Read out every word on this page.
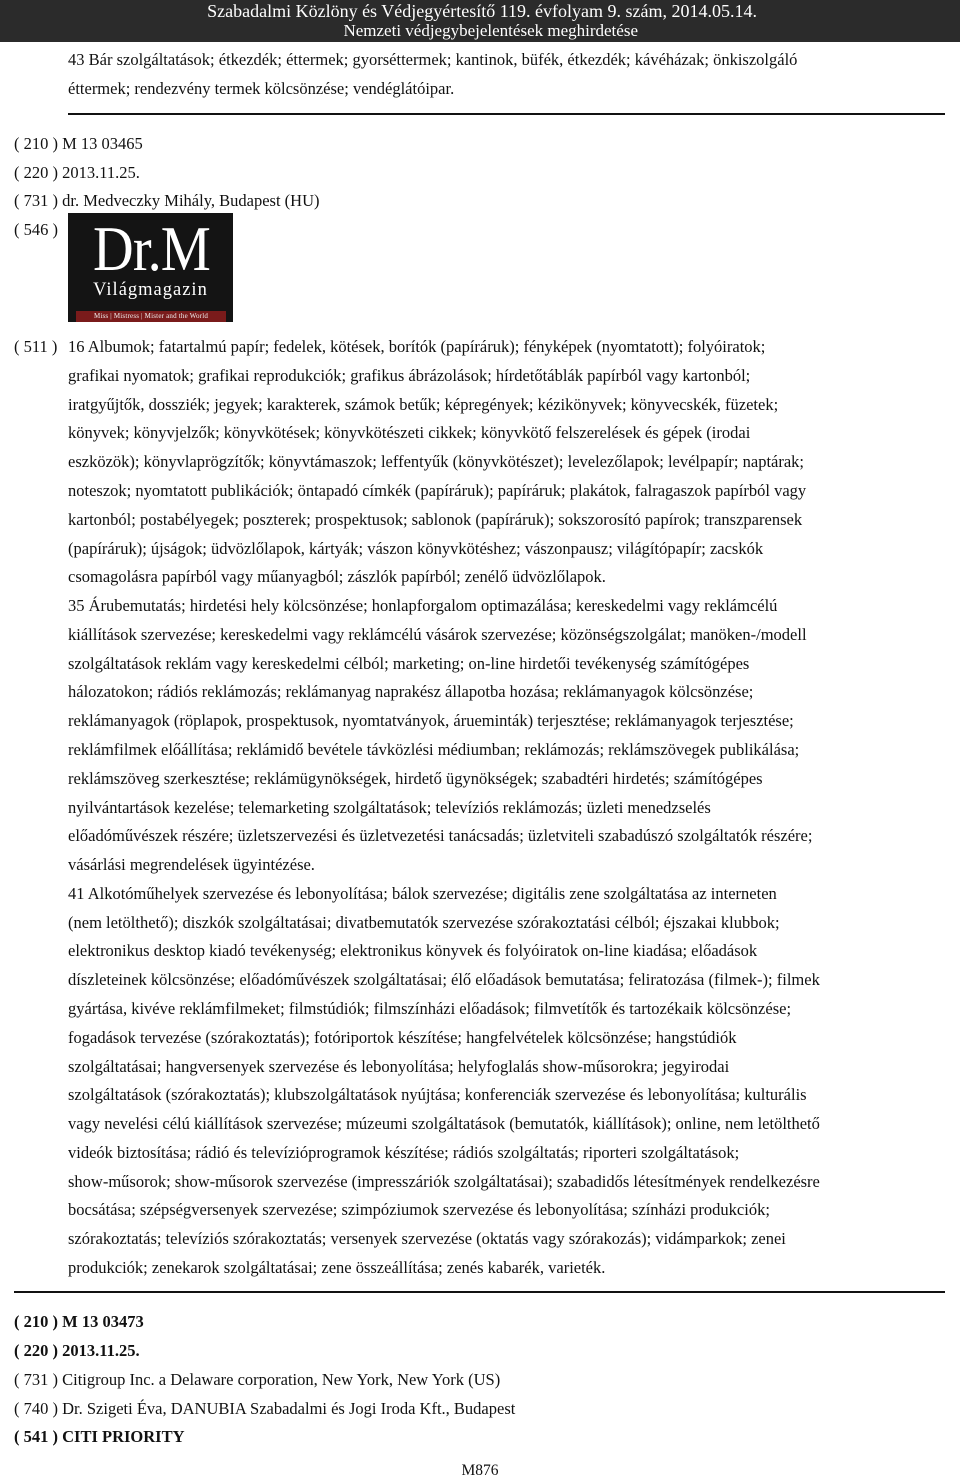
Szabadalmi Közlöny és Védjegyértesítő 119. évfolyam 9. szám, 2014.05.14.
Nemzeti védjegybejelentések meghirdetése
43 Bár szolgáltatások; étkezdék; éttermek; gyorséttermek; kantinok, büfék, étkezdék; kávéházak; önkiszolgáló
éttermek; rendezvény termek kölcsönzése; vendéglátóipar.
( 210 ) M 13 03465
( 220 ) 2013.11.25.
( 731 ) dr. Medveczky Mihály, Budapest (HU)
( 546 ) Dr.M
Világmagazin
Miss | Mistress | Mister and the World
( 511 ) 16 Albumok; fatartalmú papír; fedelek, kötések, borítók (papíráruk); fényképek (nyomtatott); folyóiratok;
grafikai nyomatok; grafikai reprodukciók; grafikus ábrázolások; hírdetőtáblák papírból vagy kartonból;
iratgyűjtők, dossziék; jegyek; karakterek, számok betűk; képregények; kézikönyvek; könyvecskék, füzetek;
könyvek; könyvjelzők; könyvkötések; könyvkötészeti cikkek; könyvkötő felszerelések és gépek (irodai
eszközök); könyvlaprögzítők; könyvtámaszok; leffentyűk (könyvkötészet); levelezőlapok; levélpapír; naptárak;
noteszok; nyomtatott publikációk; öntapadó címkék (papíráruk); papíráruk; plakátok, falragaszok papírból vagy
kartonból; postabélyegek; poszterek; prospektusok; sablonok (papíráruk); sokszorosító papírok; transzparensek
(papíráruk); újságok; üdvözlőlapok, kártyák; vászon könyvkötéshez; vászonpausz; világítópapír; zacskók
csomagolásra papírból vagy műanyagból; zászlók papírból; zenélő üdvözlőlapok.
35 Árubemutatás; hirdetési hely kölcsönzése; honlapforgalom optimazálása; kereskedelmi vagy reklámcélú
kiállítások szervezése; kereskedelmi vagy reklámcélú vásárok szervezése; közönségszolgálat; manöken-/modell
szolgáltatások reklám vagy kereskedelmi célból; marketing; on-line hirdetői tevékenység számítógépes
hálozatokon; rádiós reklámozás; reklámanyag naprakész állapotba hozása; reklámanyagok kölcsönzése;
reklámanyagok (röplapok, prospektusok, nyomtatványok, árueminták) terjesztése; reklámanyagok terjesztése;
reklámfilmek előállítása; reklámidő bevétele távközlési médiumban; reklámozás; reklámszövegek publikálása;
reklámszöveg szerkesztése; reklámügynökségek, hirdető ügynökségek; szabadtéri hirdetés; számítógépes
nyilvántartások kezelése; telemarketing szolgáltatások; televíziós reklámozás; üzleti menedzselés
előadóművészek részére; üzletszervezési és üzletvezetési tanácsadás; üzletviteli szabadúszó szolgáltatók részére;
vásárlási megrendelések ügyintézése.
41 Alkotóműhelyek szervezése és lebonyolítása; bálok szervezése; digitális zene szolgáltatása az interneten
(nem letölthető); diszkók szolgáltatásai; divatbemutatók szervezése szórakoztatási célból; éjszakai klubbok;
elektronikus desktop kiadó tevékenység; elektronikus könyvek és folyóiratok on-line kiadása; előadások
díszleteinek kölcsönzése; előadóművészek szolgáltatásai; élő előadások bemutatása; feliratozása (filmek-); filmek
gyártása, kivéve reklámfilmeket; filmstúdiók; filmszínházi előadások; filmvetítők és tartozékaik kölcsönzése;
fogadások tervezése (szórakoztatás); fotóriportok készítése; hangfelvételek kölcsönzése; hangstúdiók
szolgáltatásai; hangversenyek szervezése és lebonyolítása; helyfoglalás show-műsorokra; jegyirodai
szolgáltatások (szórakoztatás); klubszolgáltatások nyújtása; konferenciák szervezése és lebonyolítása; kulturális
vagy nevelési célú kiállítások szervezése; múzeumi szolgáltatások (bemutatók, kiállítások); online, nem letölthető
videók biztosítása; rádió és televízióprogramok készítése; rádiós szolgáltatás; riporteri szolgáltatások;
show-műsorok; show-műsorok szervezése (impresszáriók szolgáltatásai); szabadidős létesítmények rendelkezésre
bocsátása; szépségversenyek szervezése; szimpóziumok szervezése és lebonyolítása; színházi produkciók;
szórakoztatás; televíziós szórakoztatás; versenyek szervezése (oktatás vagy szórakozás); vidámparkok; zenei
produkciók; zenekarok szolgáltatásai; zene összeállítása; zenés kabarék, varieték.
( 210 ) M 13 03473
( 220 ) 2013.11.25.
( 731 ) Citigroup Inc. a Delaware corporation, New York, New York (US)
( 740 ) Dr. Szigeti Éva, DANUBIA Szabadalmi és Jogi Iroda Kft., Budapest
( 541 ) CITI PRIORITY
M876
